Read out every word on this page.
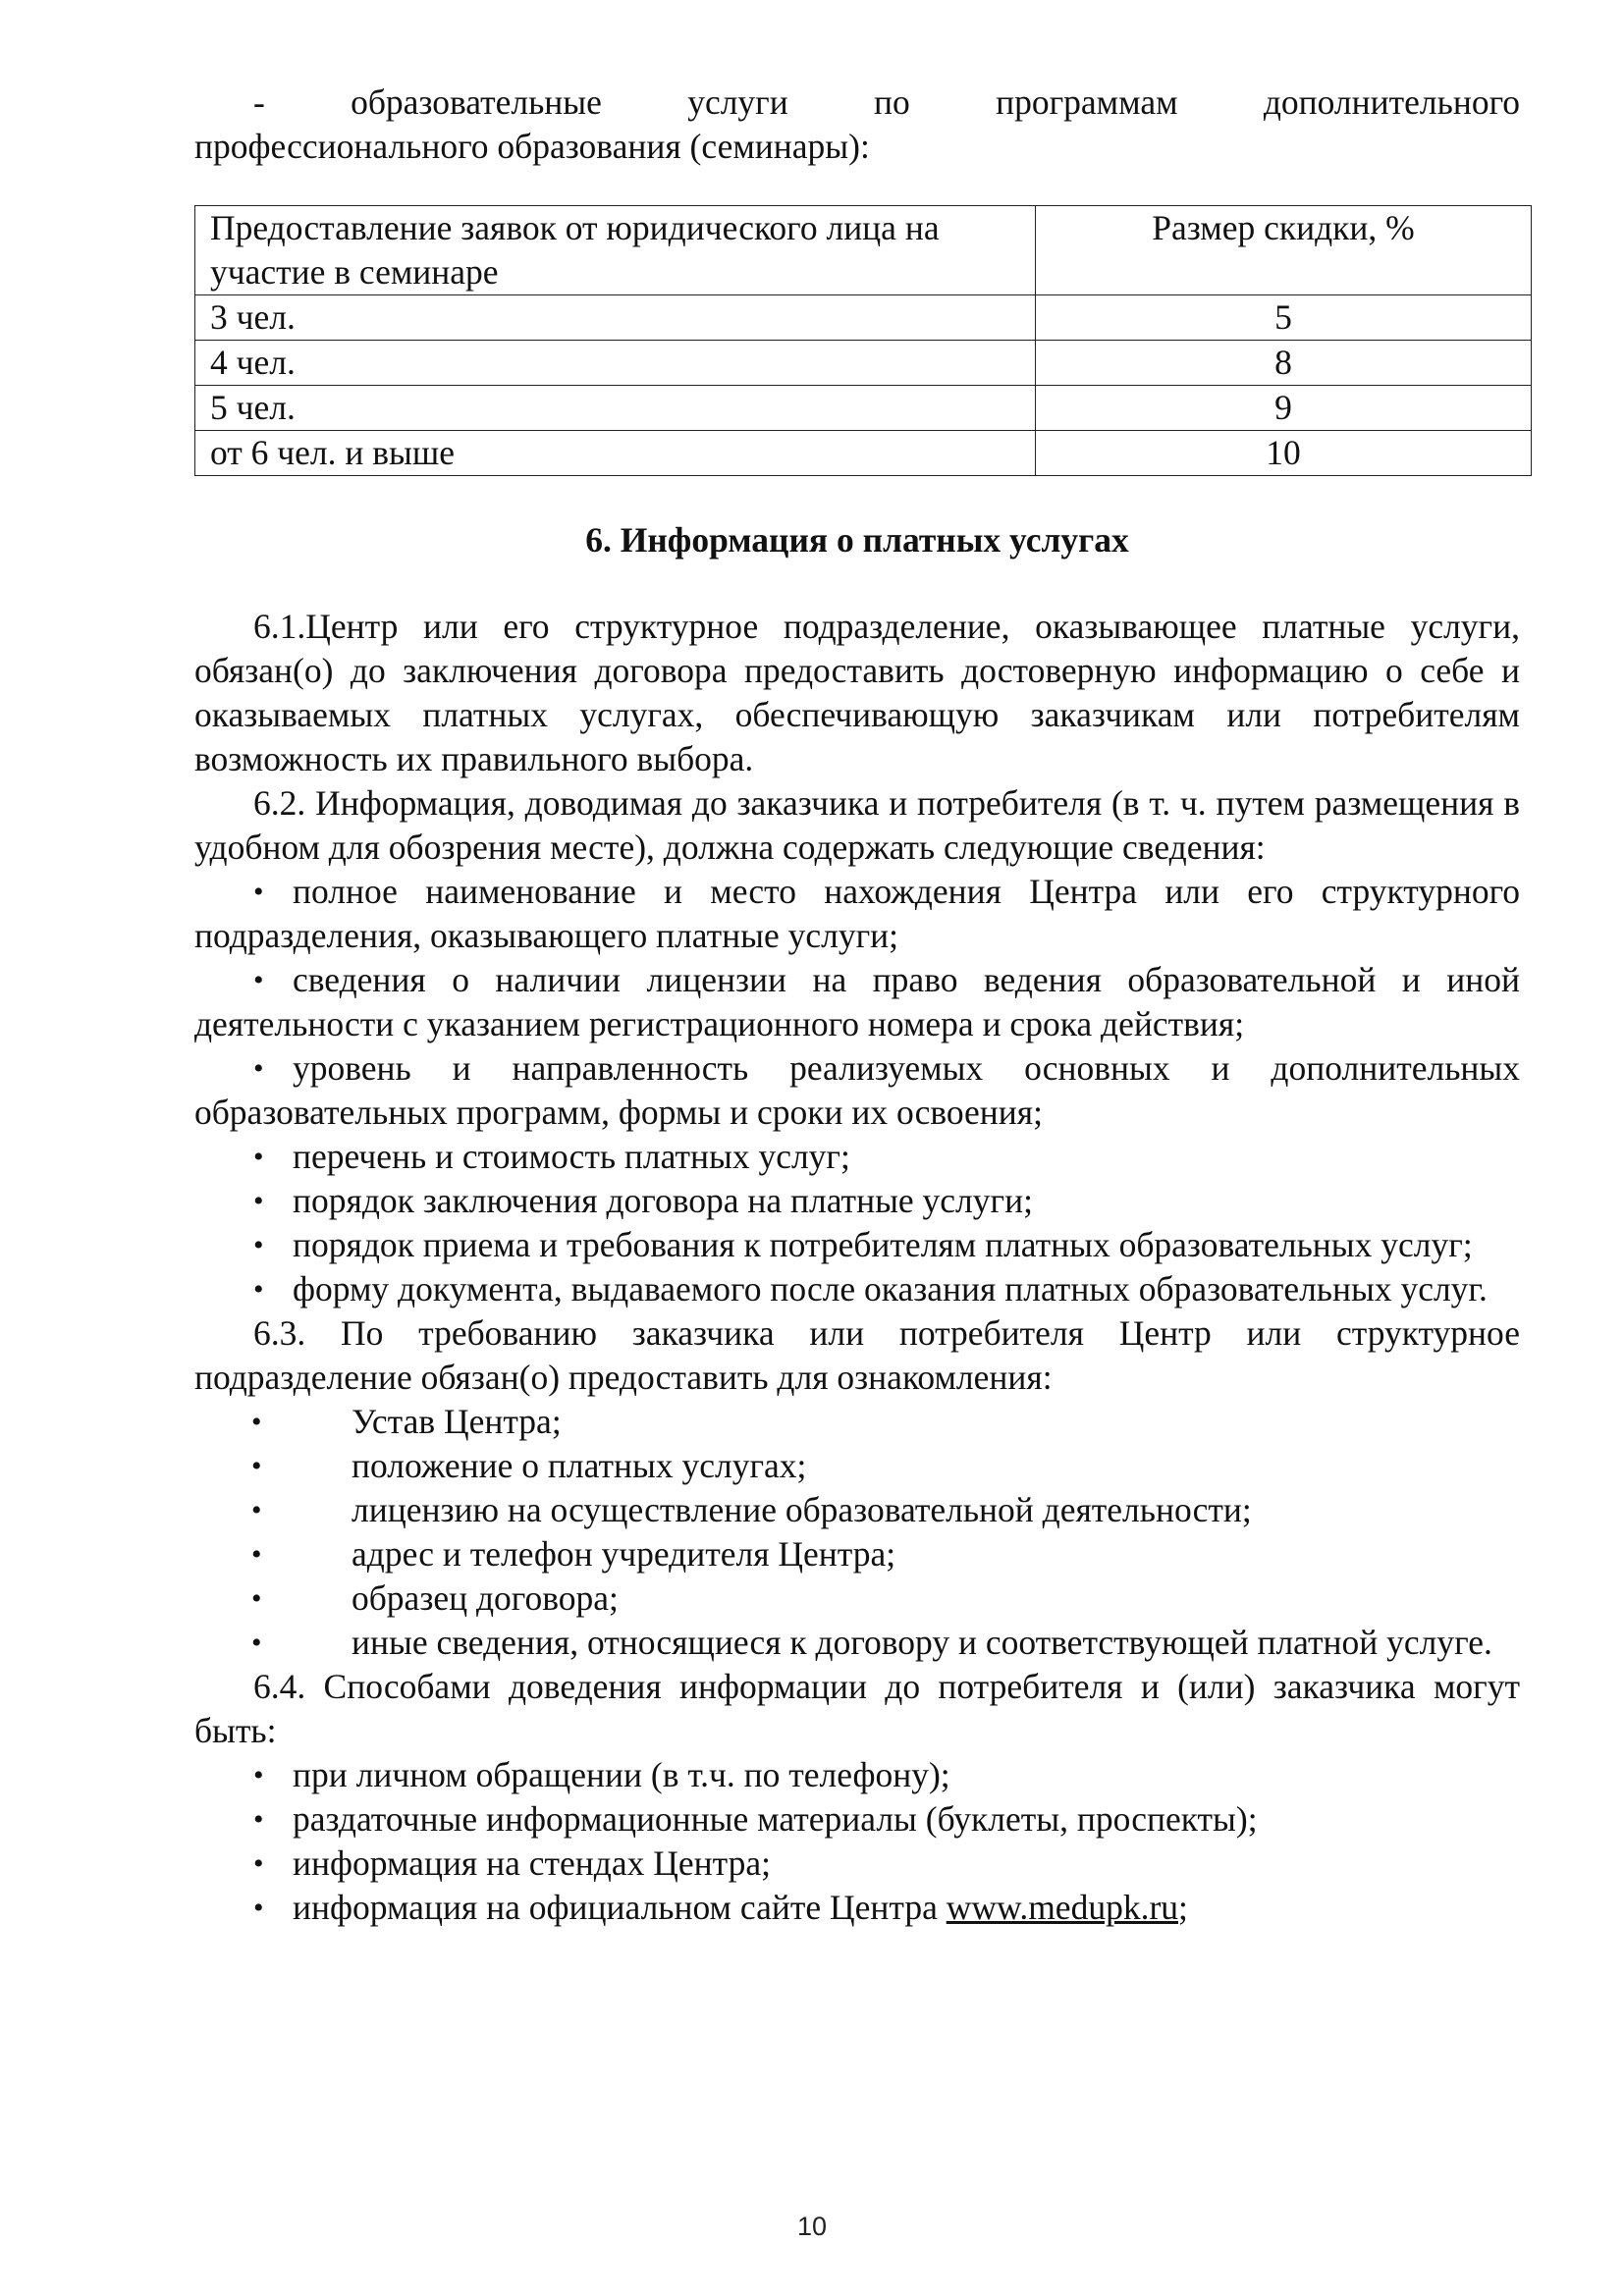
- образовательные услуги по программам дополнительного

профессионального образования (семинары):

Предоставление заявок от юридического лица на участие в семинаре	Размер скидки, %
3 чел.	5
4 чел.	8
5 чел.	9
от 6 чел. и выше	10
6. Информация о платных услугах

6.1.Центр или его структурное подразделение, оказывающее платные услуги, обязан(о) до заключения договора предоставить достоверную информацию о себе и оказываемых платных услугах, обеспечивающую заказчикам или потребителям возможность их правильного выбора.

6.2. Информация, доводимая до заказчика и потребителя (в т. ч. путем размещения в удобном для обозрения месте), должна содержать следующие сведения:

• полное наименование и место нахождения Центра или его структурного подразделения, оказывающего платные услуги;
• сведения о наличии лицензии на право ведения образовательной и иной деятельности с указанием регистрационного номера и срока действия;
• уровень и направленность реализуемых основных и дополнительных образовательных программ, формы и сроки их освоения;
• перечень и стоимость платных услуг;
• порядок заключения договора на платные услуги;
• порядок приема и требования к потребителям платных образовательных услуг;
• форму документа, выдаваемого после оказания платных образовательных услуг.

6.3. По требованию заказчика или потребителя Центр или структурное подразделение обязан(о) предоставить для ознакомления:

•	Устав Центра;
•	положение о платных услугах;
•	лицензию на осуществление образовательной деятельности;
•	адрес и телефон учредителя Центра;
•	образец договора;
•	иные сведения, относящиеся к договору и соответствующей платной услуге.

6.4. Способами доведения информации до потребителя и (или) заказчика могут быть:

• при личном обращении (в т.ч. по телефону);
• раздаточные информационные материалы (буклеты, проспекты);
• информация на стендах Центра;
• информация на официальном сайте Центра www.medupk.ru;
10
